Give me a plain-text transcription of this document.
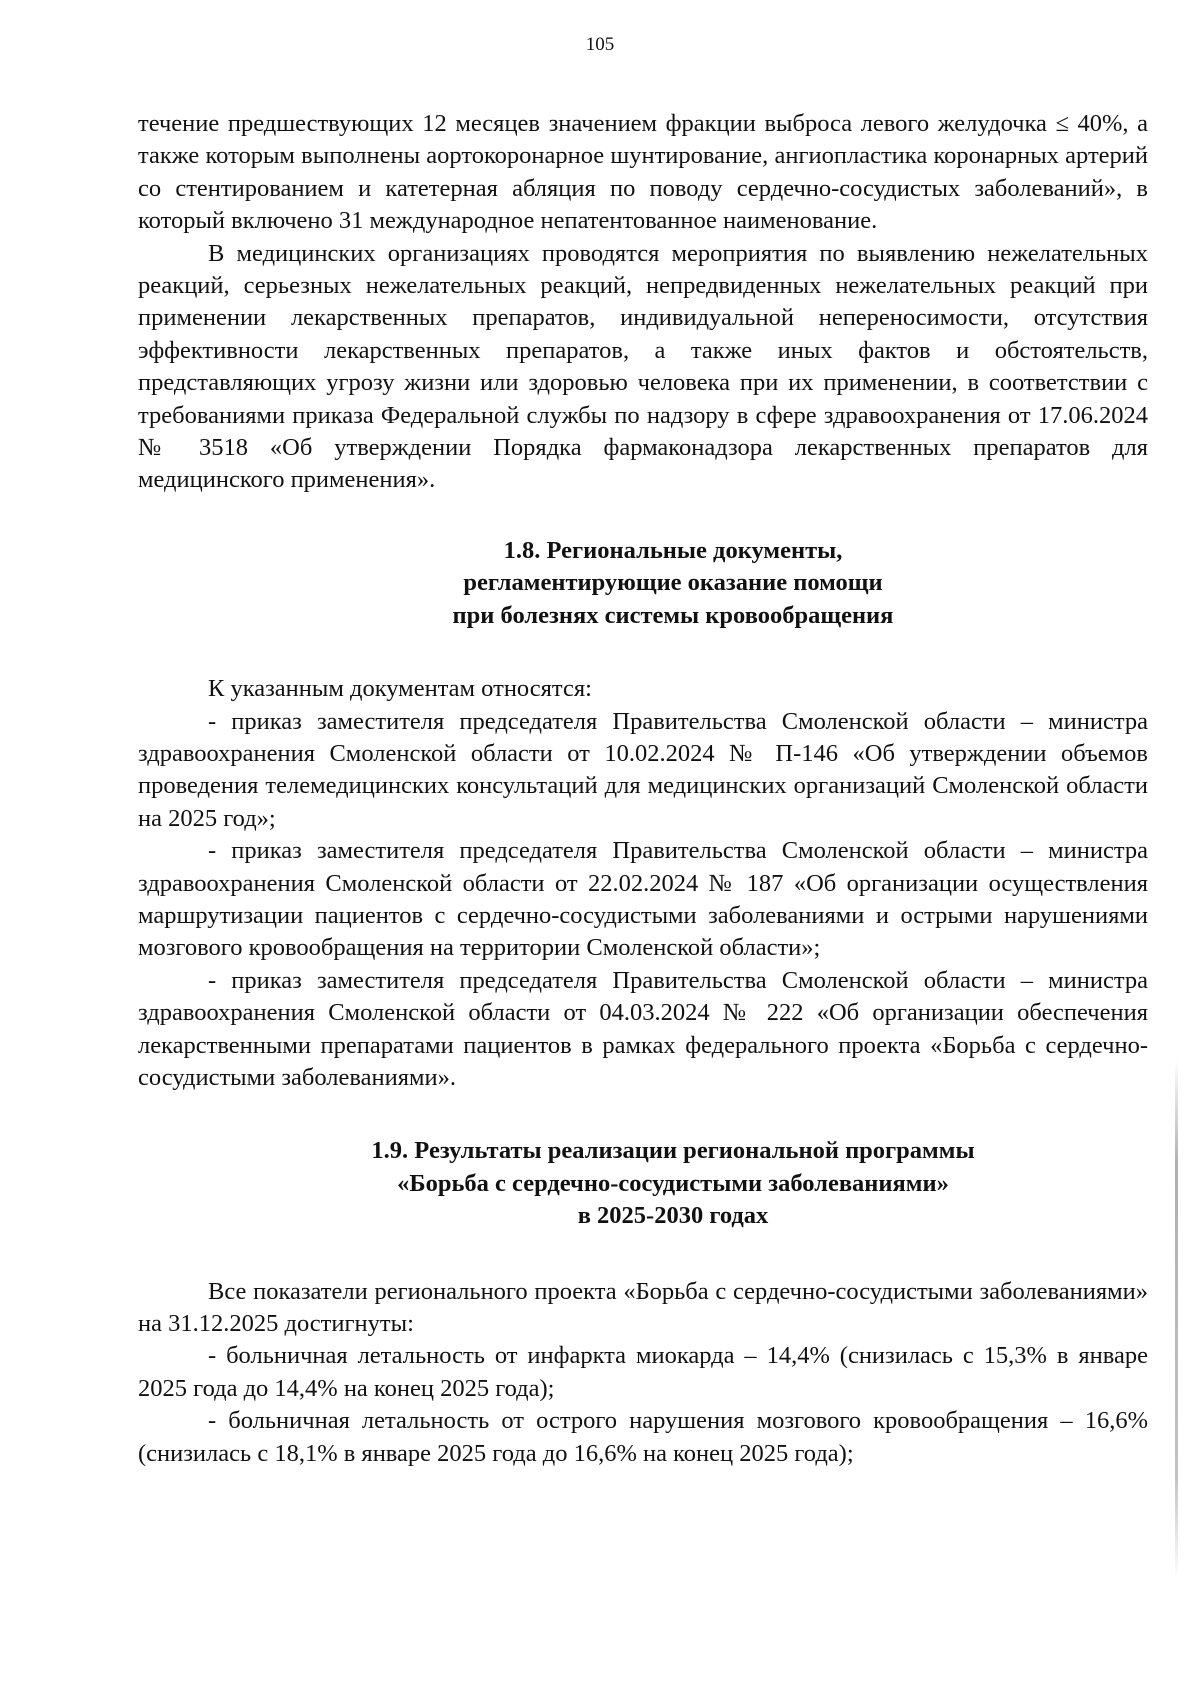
105

течение предшествующих 12 месяцев значением фракции выброса левого желудочка ≤ 40%, а также которым выполнены аортокоронарное шунтирование, ангиопластика коронарных артерий со стентированием и катетерная абляция по поводу сердечно-сосудистых заболеваний», в который включено 31 международное непатентованное наименование.

В медицинских организациях проводятся мероприятия по выявлению нежелательных реакций, серьезных нежелательных реакций, непредвиденных нежелательных реакций при применении лекарственных препаратов, индивидуальной непереносимости, отсутствия эффективности лекарственных препаратов, а также иных фактов и обстоятельств, представляющих угрозу жизни или здоровью человека при их применении, в соответствии с требованиями приказа Федеральной службы по надзору в сфере здравоохранения от 17.06.2024 № 3518 «Об утверждении Порядка фармаконадзора лекарственных препаратов для медицинского применения».

1.8. Региональные документы,
регламентирующие оказание помощи
при болезнях системы кровообращения

К указанным документам относятся:

- приказ заместителя председателя Правительства Смоленской области – министра здравоохранения Смоленской области от 10.02.2024 № П-146 «Об утверждении объемов проведения телемедицинских консультаций для медицинских организаций Смоленской области на 2025 год»;

- приказ заместителя председателя Правительства Смоленской области – министра здравоохранения Смоленской области от 22.02.2024 № 187 «Об организации осуществления маршрутизации пациентов с сердечно-сосудистыми заболеваниями и острыми нарушениями мозгового кровообращения на территории Смоленской области»;

- приказ заместителя председателя Правительства Смоленской области – министра здравоохранения Смоленской области от 04.03.2024 № 222 «Об организации обеспечения лекарственными препаратами пациентов в рамках федерального проекта «Борьба с сердечно-сосудистыми заболеваниями».

1.9. Результаты реализации региональной программы
«Борьба с сердечно-сосудистыми заболеваниями»
в 2025-2030 годах

Все показатели регионального проекта «Борьба с сердечно-сосудистыми заболеваниями» на 31.12.2025 достигнуты:

- больничная летальность от инфаркта миокарда – 14,4% (снизилась с 15,3% в январе 2025 года до 14,4% на конец 2025 года);

- больничная летальность от острого нарушения мозгового кровообращения – 16,6% (снизилась с 18,1% в январе 2025 года до 16,6% на конец 2025 года);
